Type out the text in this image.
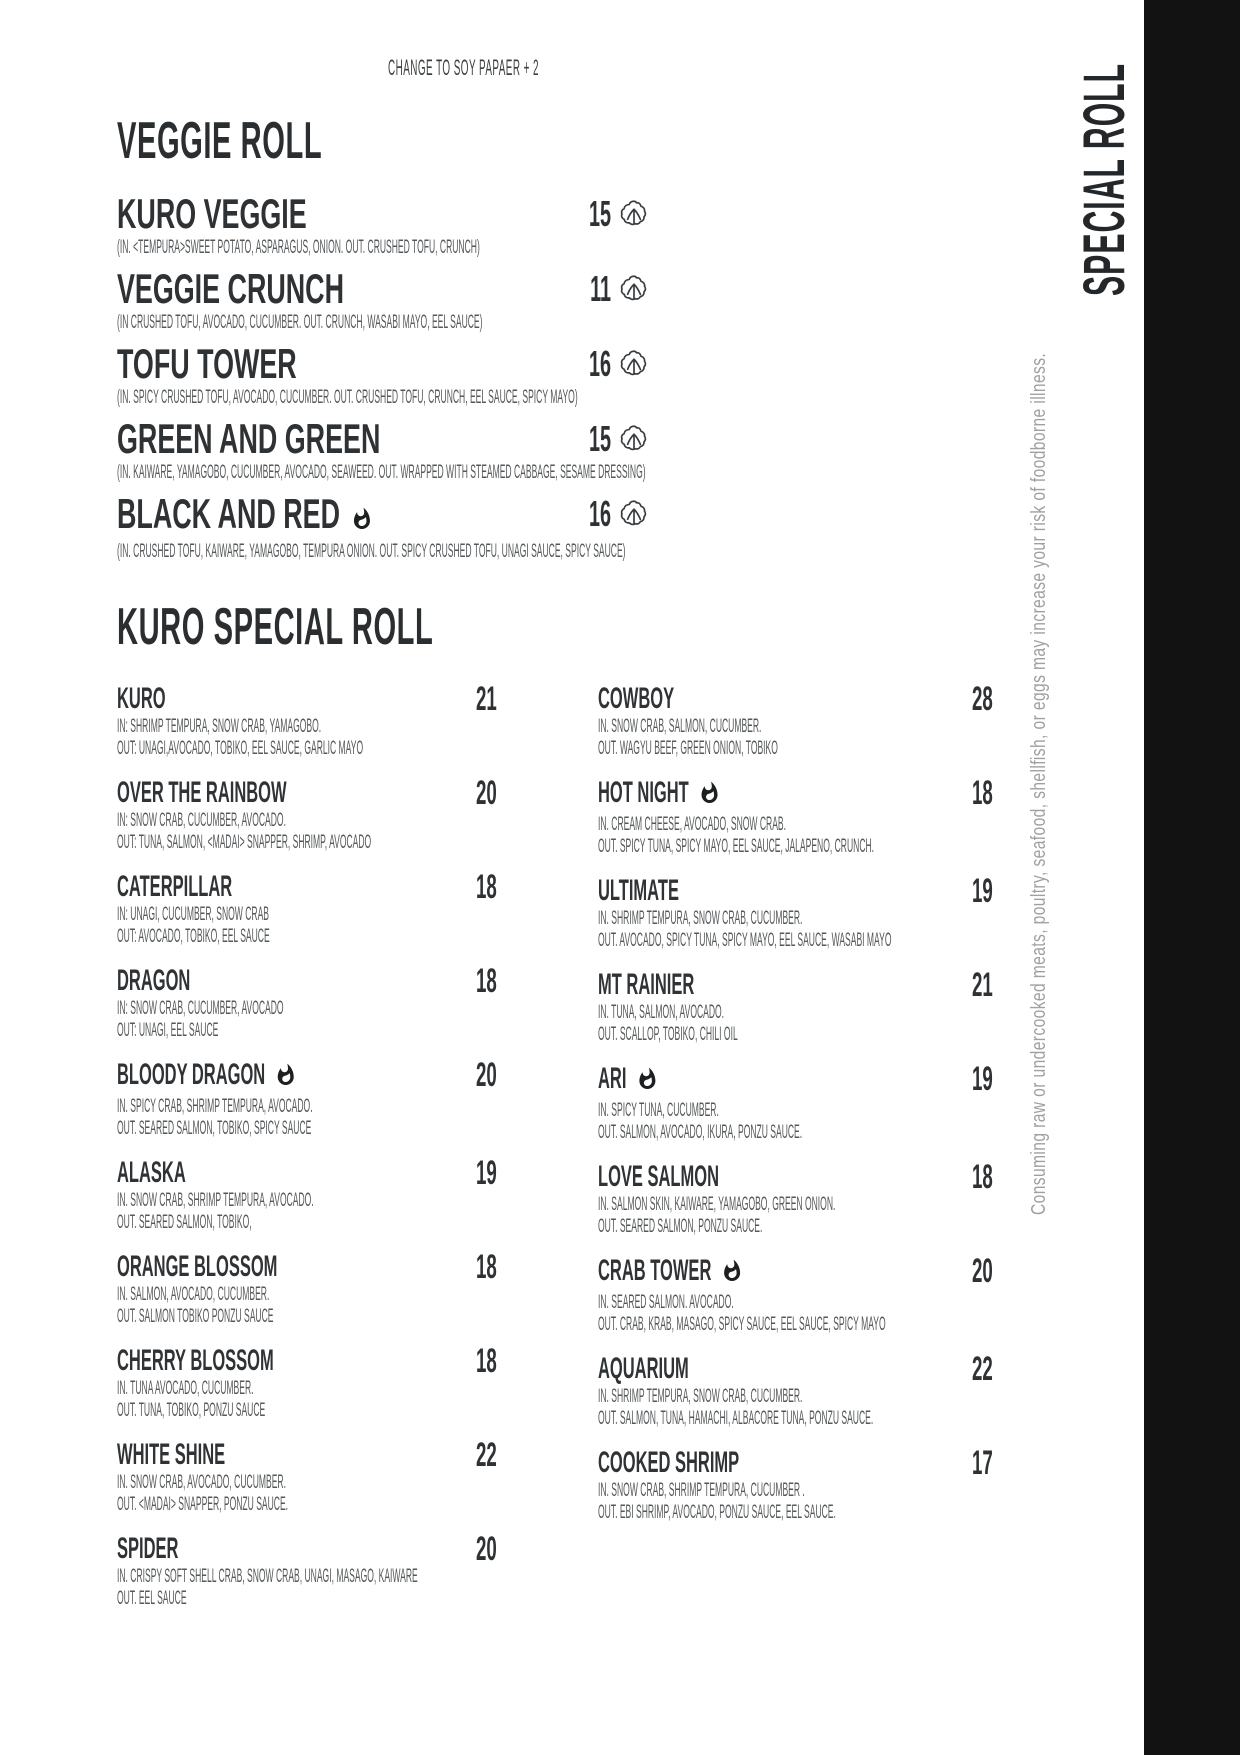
CHANGE TO SOY PAPAER + 2
VEGGIE ROLL
KURO VEGGIE
(IN. <TEMPURA>SWEET POTATO, ASPARAGUS, ONION. OUT. CRUSHED TOFU, CRUNCH)
15
VEGGIE CRUNCH
(IN CRUSHED TOFU, AVOCADO, CUCUMBER. OUT. CRUNCH, WASABI MAYO, EEL SAUCE)
11
TOFU TOWER
(IN. SPICY CRUSHED TOFU, AVOCADO, CUCUMBER. OUT. CRUSHED TOFU, CRUNCH, EEL SAUCE, SPICY MAYO)
16
GREEN AND GREEN
(IN. KAIWARE, YAMAGOBO, CUCUMBER, AVOCADO, SEAWEED. OUT. WRAPPED WITH STEAMED CABBAGE, SESAME DRESSING)
15
BLACK AND RED
(IN. CRUSHED TOFU, KAIWARE, YAMAGOBO, TEMPURA ONION. OUT. SPICY CRUSHED TOFU, UNAGI SAUCE, SPICY SAUCE)
16
KURO SPECIAL ROLL
KURO
IN: SHRIMP TEMPURA, SNOW CRAB, YAMAGOBO.
OUT: UNAGI,AVOCADO, TOBIKO, EEL SAUCE, GARLIC MAYO
21
OVER THE RAINBOW
IN: SNOW CRAB, CUCUMBER, AVOCADO.
OUT: TUNA, SALMON, <MADAI> SNAPPER, SHRIMP, AVOCADO
20
CATERPILLAR
IN: UNAGI, CUCUMBER, SNOW CRAB
OUT: AVOCADO, TOBIKO, EEL SAUCE
18
DRAGON
IN: SNOW CRAB, CUCUMBER, AVOCADO
OUT: UNAGI, EEL SAUCE
18
BLOODY DRAGON
IN. SPICY CRAB, SHRIMP TEMPURA, AVOCADO.
OUT. SEARED SALMON, TOBIKO, SPICY SAUCE
20
ALASKA
IN. SNOW CRAB, SHRIMP TEMPURA, AVOCADO.
OUT. SEARED SALMON, TOBIKO,
19
ORANGE BLOSSOM
IN. SALMON, AVOCADO, CUCUMBER.
OUT. SALMON TOBIKO PONZU SAUCE
18
CHERRY BLOSSOM
IN. TUNA AVOCADO, CUCUMBER.
OUT. TUNA, TOBIKO, PONZU SAUCE
18
WHITE SHINE
IN. SNOW CRAB, AVOCADO, CUCUMBER.
OUT. <MADAI> SNAPPER, PONZU SAUCE.
22
SPIDER
IN. CRISPY SOFT SHELL CRAB, SNOW CRAB, UNAGI, MASAGO, KAIWARE
OUT. EEL SAUCE
20
COWBOY
IN. SNOW CRAB, SALMON, CUCUMBER.
OUT. WAGYU BEEF, GREEN ONION, TOBIKO
28
HOT NIGHT
IN. CREAM CHEESE, AVOCADO, SNOW CRAB.
OUT. SPICY TUNA, SPICY MAYO, EEL SAUCE, JALAPENO, CRUNCH.
18
ULTIMATE
IN. SHRIMP TEMPURA, SNOW CRAB, CUCUMBER.
OUT. AVOCADO, SPICY TUNA, SPICY MAYO, EEL SAUCE, WASABI MAYO
19
MT RAINIER
IN. TUNA, SALMON, AVOCADO.
OUT. SCALLOP, TOBIKO, CHILI OIL
21
ARI
IN. SPICY TUNA, CUCUMBER.
OUT. SALMON, AVOCADO, IKURA, PONZU SAUCE.
19
LOVE SALMON
IN. SALMON SKIN, KAIWARE, YAMAGOBO, GREEN ONION.
OUT. SEARED SALMON, PONZU SAUCE.
18
CRAB TOWER
IN. SEARED SALMON. AVOCADO.
OUT. CRAB, KRAB, MASAGO, SPICY SAUCE, EEL SAUCE, SPICY MAYO
20
AQUARIUM
IN. SHRIMP TEMPURA, SNOW CRAB, CUCUMBER.
OUT. SALMON, TUNA, HAMACHI, ALBACORE TUNA, PONZU SAUCE.
22
COOKED SHRIMP
IN. SNOW CRAB, SHRIMP TEMPURA, CUCUMBER .
OUT. EBI SHRIMP, AVOCADO, PONZU SAUCE, EEL SAUCE.
17
Consuming raw or undercooked meats, poultry, seafood, shellfish, or eggs may increase your risk of foodborne illness.
SPECIAL ROLL
